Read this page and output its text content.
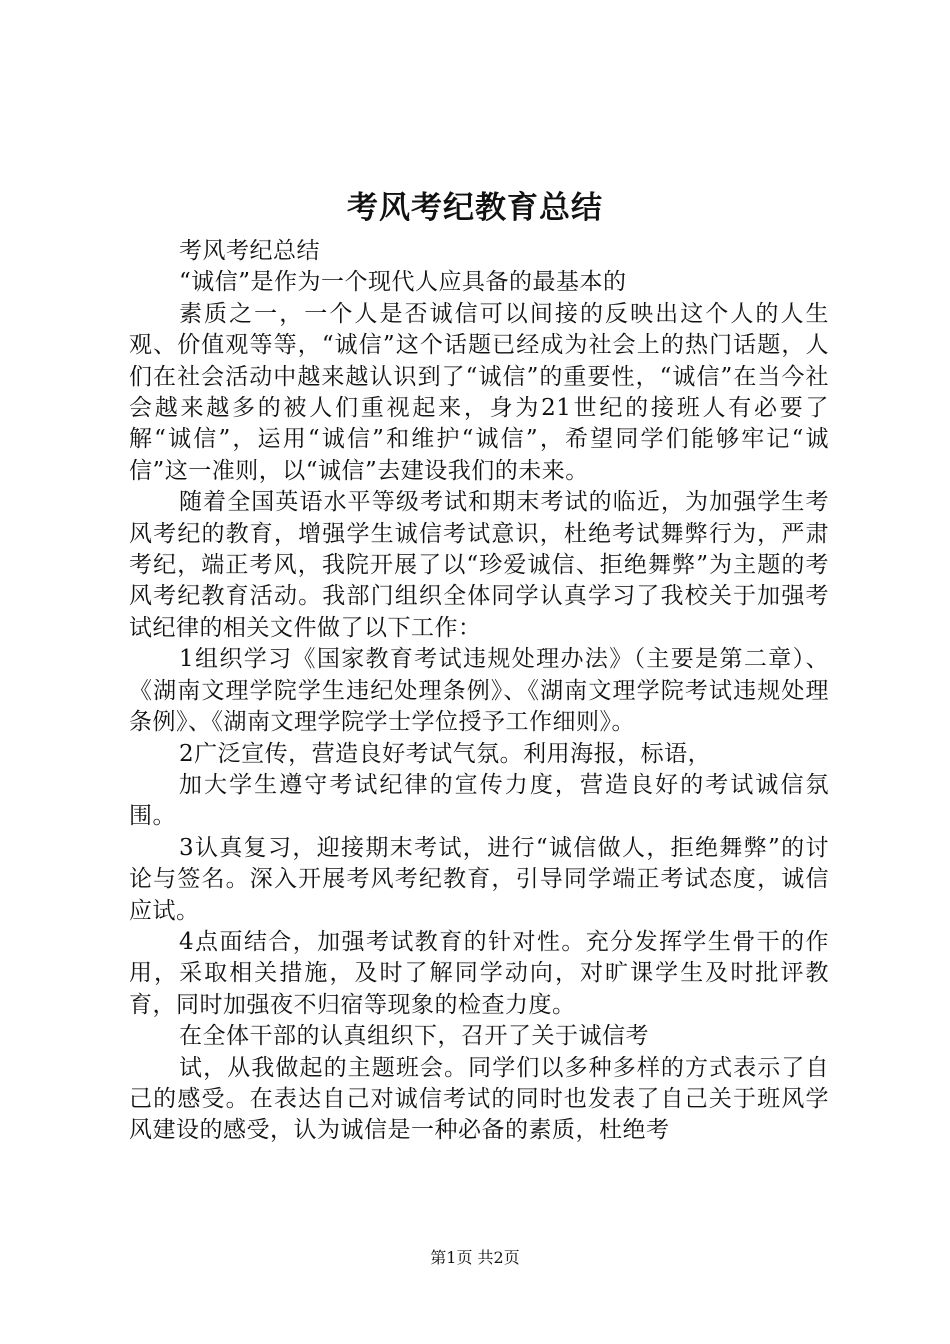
考风考纪教育总结

考风考纪总结

“诚信”是作为一个现代人应具备的最基本的

素质之一，一个人是否诚信可以间接的反映出这个人的人生观、价值观等等，“诚信”这个话题已经成为社会上的热门话题，人们在社会活动中越来越认识到了“诚信”的重要性，“诚信”在当今社会越来越多的被人们重视起来，身为21世纪的接班人有必要了解“诚信”，运用“诚信”和维护“诚信”，希望同学们能够牢记“诚信”这一准则，以“诚信”去建设我们的未来。

随着全国英语水平等级考试和期末考试的临近，为加强学生考风考纪的教育，增强学生诚信考试意识，杜绝考试舞弊行为，严肃考纪，端正考风，我院开展了以“珍爱诚信、拒绝舞弊”为主题的考风考纪教育活动。我部门组织全体同学认真学习了我校关于加强考试纪律的相关文件做了以下工作：

1组织学习《国家教育考试违规处理办法》（主要是第二章）、《湖南文理学院学生违纪处理条例》、《湖南文理学院考试违规处理条例》、《湖南文理学院学士学位授予工作细则》。

2广泛宣传，营造良好考试气氛。利用海报，标语，

加大学生遵守考试纪律的宣传力度，营造良好的考试诚信氛围。

3认真复习，迎接期末考试，进行“诚信做人，拒绝舞弊”的讨论与签名。深入开展考风考纪教育，引导同学端正考试态度，诚信应试。

4点面结合，加强考试教育的针对性。充分发挥学生骨干的作用，采取相关措施，及时了解同学动向，对旷课学生及时批评教育，同时加强夜不归宿等现象的检查力度。

在全体干部的认真组织下，召开了关于诚信考

试，从我做起的主题班会。同学们以多种多样的方式表示了自己的感受。在表达自己对诚信考试的同时也发表了自己关于班风学风建设的感受，认为诚信是一种必备的素质，杜绝考

第1页 共2页
